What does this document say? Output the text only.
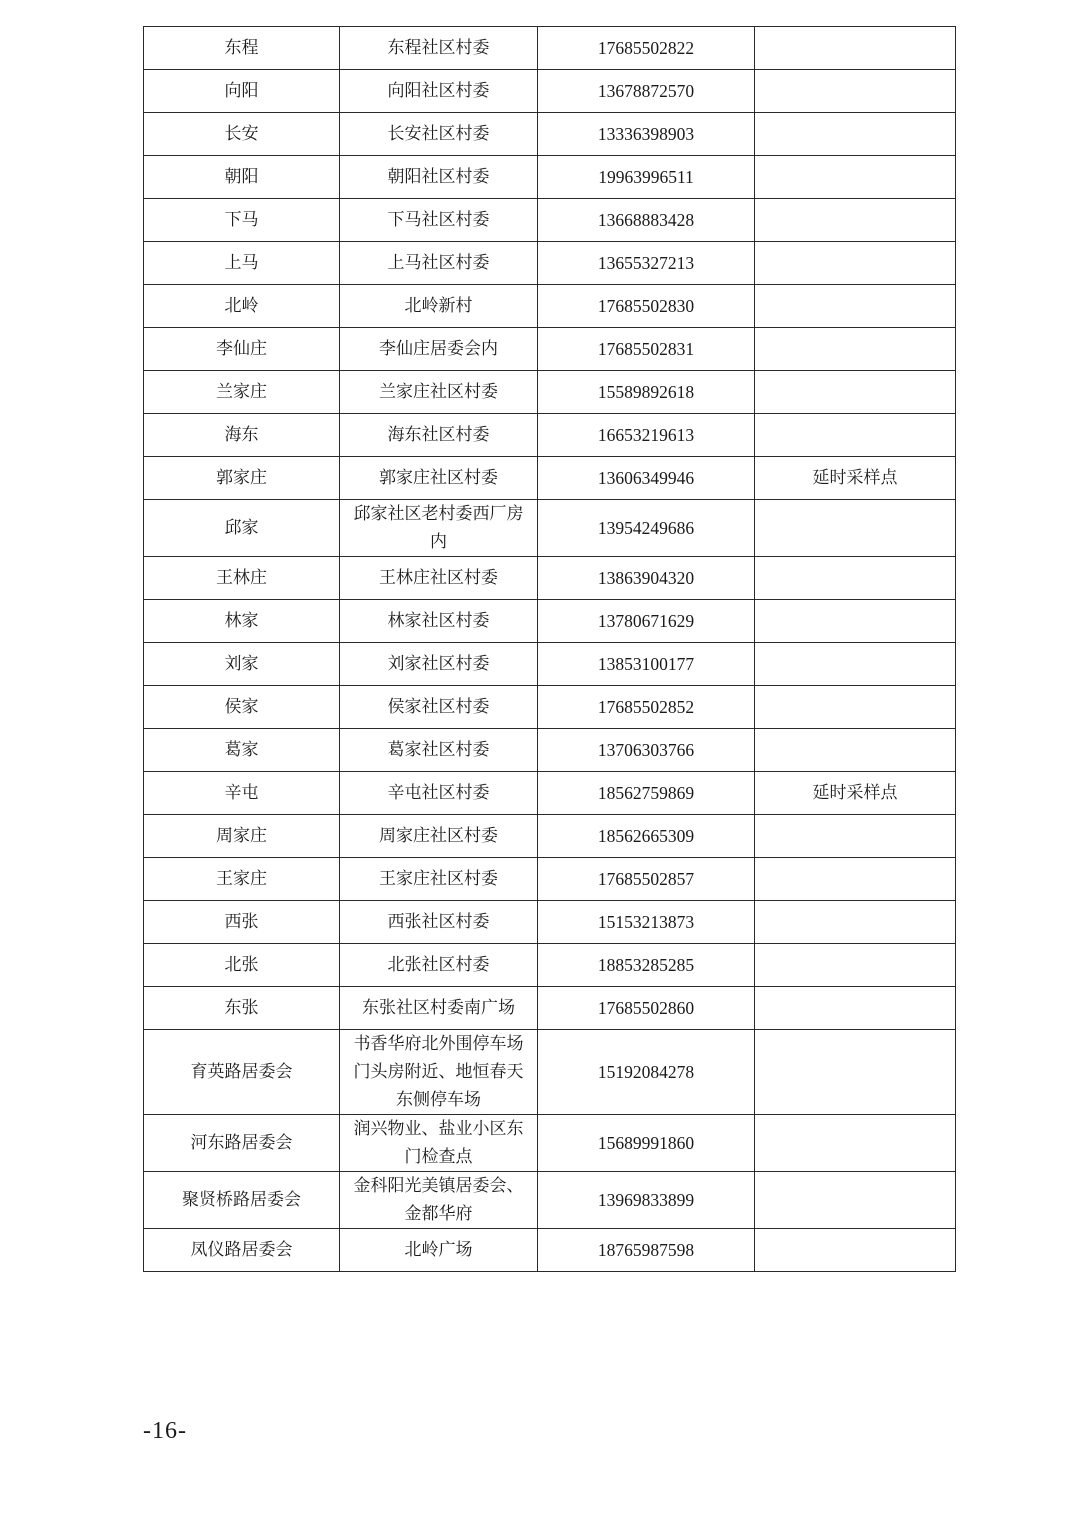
东程	东程社区村委	17685502822	
向阳	向阳社区村委	13678872570	
长安	长安社区村委	13336398903	
朝阳	朝阳社区村委	19963996511	
下马	下马社区村委	13668883428	
上马	上马社区村委	13655327213	
北岭	北岭新村	17685502830	
李仙庄	李仙庄居委会内	17685502831	
兰家庄	兰家庄社区村委	15589892618	
海东	海东社区村委	16653219613	
郭家庄	郭家庄社区村委	13606349946	延时采样点
邱家	邱家社区老村委西厂房内	13954249686	
王林庄	王林庄社区村委	13863904320	
林家	林家社区村委	13780671629	
刘家	刘家社区村委	13853100177	
侯家	侯家社区村委	17685502852	
葛家	葛家社区村委	13706303766	
辛屯	辛屯社区村委	18562759869	延时采样点
周家庄	周家庄社区村委	18562665309	
王家庄	王家庄社区村委	17685502857	
西张	西张社区村委	15153213873	
北张	北张社区村委	18853285285	
东张	东张社区村委南广场	17685502860	
育英路居委会	书香华府北外围停车场门头房附近、地恒春天东侧停车场	15192084278	
河东路居委会	润兴物业、盐业小区东门检查点	15689991860	
聚贤桥路居委会	金科阳光美镇居委会、金都华府	13969833899	
凤仪路居委会	北岭广场	18765987598	
-16-
